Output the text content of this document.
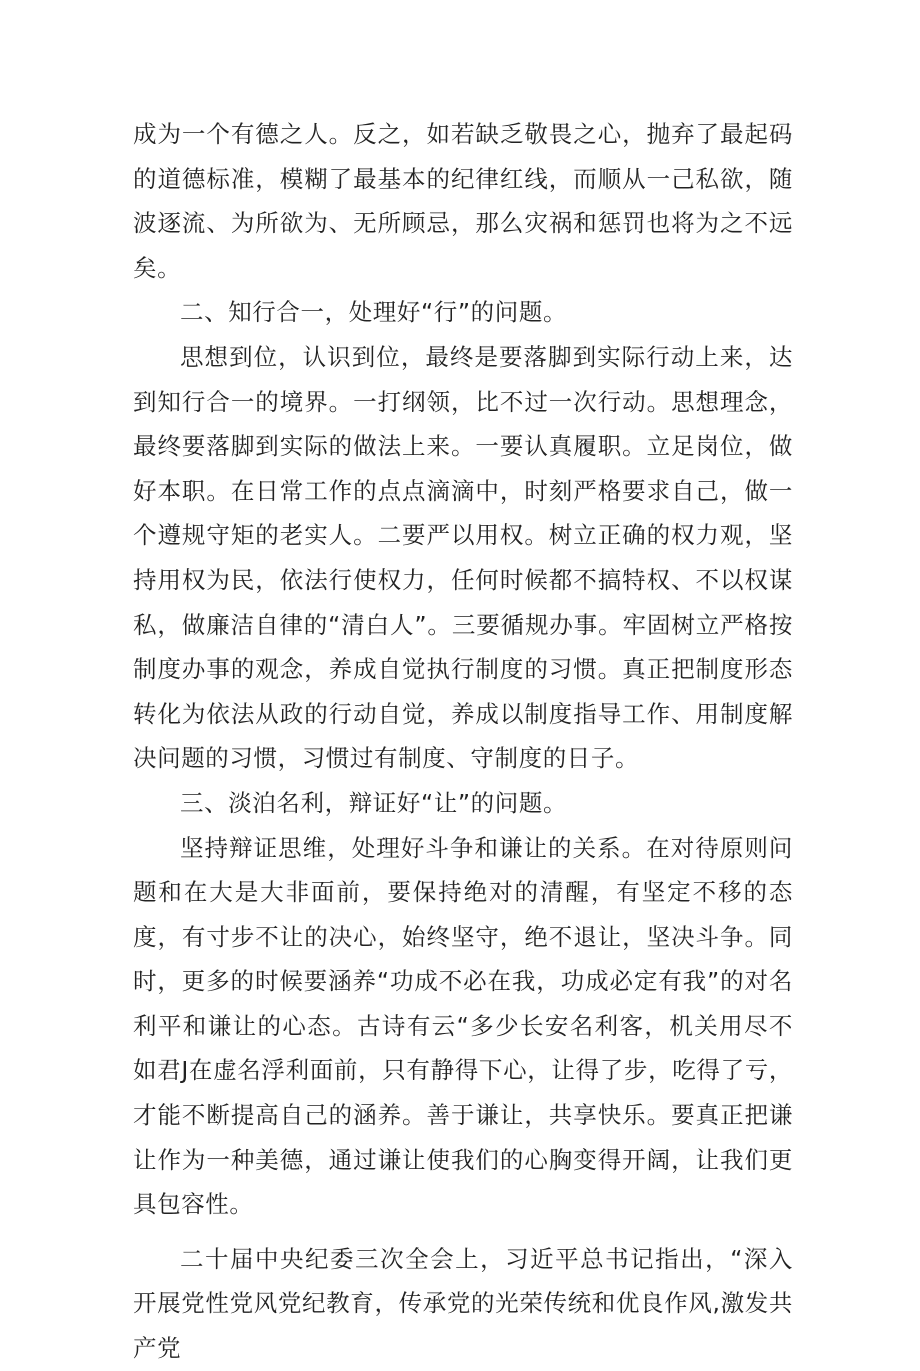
成为一个有德之人。反之，如若缺乏敬畏之心，抛弃了最起码的道德标准，模糊了最基本的纪律红线，而顺从一己私欲，随波逐流、为所欲为、无所顾忌，那么灾祸和惩罚也将为之不远矣。

二、知行合一，处理好“行”的问题。

思想到位，认识到位，最终是要落脚到实际行动上来，达到知行合一的境界。一打纲领，比不过一次行动。思想理念，最终要落脚到实际的做法上来。一要认真履职。立足岗位，做好本职。在日常工作的点点滴滴中，时刻严格要求自己，做一个遵规守矩的老实人。二要严以用权。树立正确的权力观，坚持用权为民，依法行使权力，任何时候都不搞特权、不以权谋私，做廉洁自律的“清白人”。三要循规办事。牢固树立严格按制度办事的观念，养成自觉执行制度的习惯。真正把制度形态转化为依法从政的行动自觉，养成以制度指导工作、用制度解决问题的习惯，习惯过有制度、守制度的日子。

三、淡泊名利，辩证好“让”的问题。

坚持辩证思维，处理好斗争和谦让的关系。在对待原则问题和在大是大非面前，要保持绝对的清醒，有坚定不移的态度，有寸步不让的决心，始终坚守，绝不退让，坚决斗争。同时，更多的时候要涵养“功成不必在我，功成必定有我”的对名利平和谦让的心态。古诗有云“多少长安名利客，机关用尽不如君J在虚名浮利面前，只有静得下心，让得了步，吃得了亏，才能不断提高自己的涵养。善于谦让，共享快乐。要真正把谦让作为一种美德，通过谦让使我们的心胸变得开阔，让我们更具包容性。

二十届中央纪委三次全会上，习近平总书记指出，“深入开展党性党风党纪教育，传承党的光荣传统和优良作风,激发共产党
